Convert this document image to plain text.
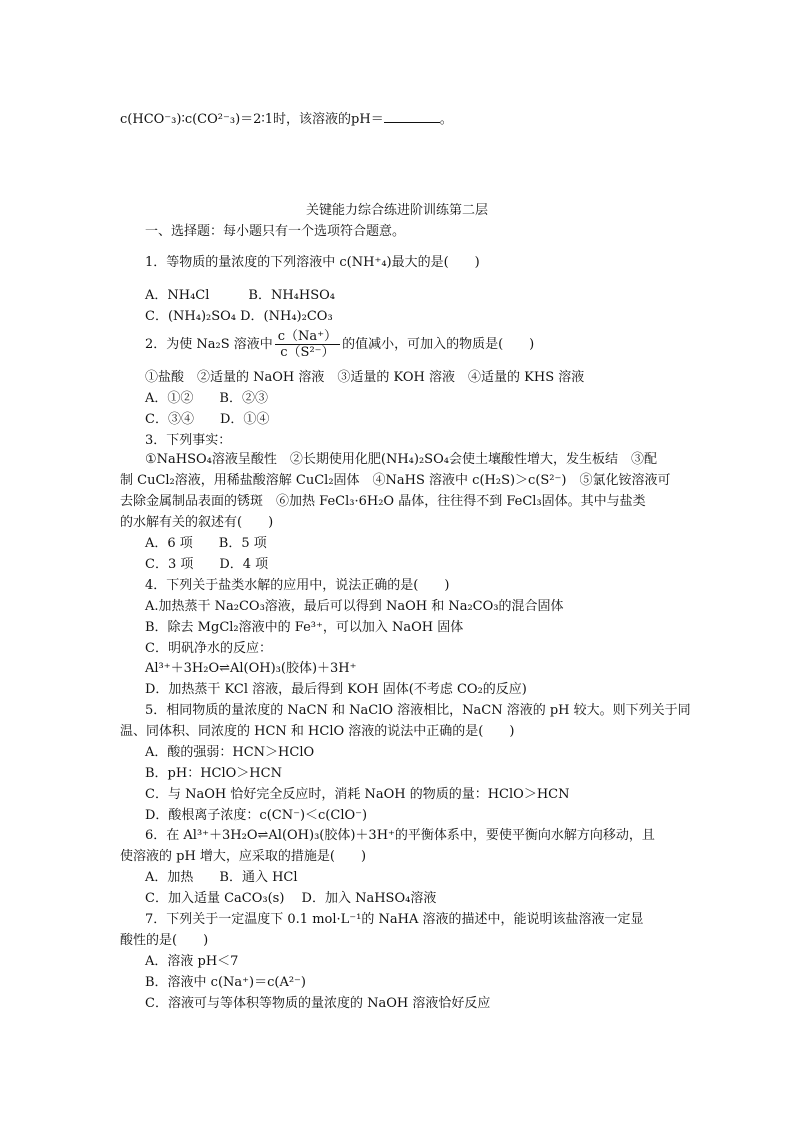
c(HCO⁻₃)∶c(CO²⁻₃)＝2∶1时，该溶液的pH＝	。
关键能力综合练进阶训练第二层
一、选择题：每小题只有一个选项符合题意。
1．等物质的量浓度的下列溶液中 c(NH⁺₄)最大的是(　　)
A．NH₄Cl　　　B．NH₄HSO₄
C．(NH₄)₂SO₄ D．(NH₄)₂CO₃
2．为使 Na₂S 溶液中 $\frac{c(Na^+)}{\text{c（S²⁻）}}$ 的值减小，可加入的物质是(　　)
①盐酸　②适量的 NaOH 溶液　③适量的 KOH 溶液　④适量的 KHS 溶液
A．①②　　B．②③
C．③④　　D．①④
3．下列事实：
①NaHSO₄溶液呈酸性　②长期使用化肥(NH₄)₂SO₄会使土壤酸性增大，发生板结　③配
制 CuCl₂溶液，用稀盐酸溶解 CuCl₂固体　④NaHS 溶液中 c(H₂S)＞c(S²⁻)　⑤氯化铵溶液可
去除金属制品表面的锈斑　⑥加热 FeCl₃·6H₂O 晶体，往往得不到 FeCl₃固体。其中与盐类
的水解有关的叙述有(　　)
A．6 项　　B．5 项
C．3 项　　D．4 项
4．下列关于盐类水解的应用中，说法正确的是(　　)
A.加热蒸干 Na₂CO₃溶液，最后可以得到 NaOH 和 Na₂CO₃的混合固体
B．除去 MgCl₂溶液中的 Fe³⁺，可以加入 NaOH 固体
C．明矾净水的反应：
Al³⁺＋3H₂O⇌Al(OH)₃(胶体)＋3H⁺
D．加热蒸干 KCl 溶液，最后得到 KOH 固体(不考虑 CO₂的反应)
5．相同物质的量浓度的 NaCN 和 NaClO 溶液相比，NaCN 溶液的 pH 较大。则下列关于同
温、同体积、同浓度的 HCN 和 HClO 溶液的说法中正确的是(　　)
A．酸的强弱：HCN＞HClO
B．pH：HClO＞HCN
C．与 NaOH 恰好完全反应时，消耗 NaOH 的物质的量：HClO＞HCN
D．酸根离子浓度：c(CN⁻)＜c(ClO⁻)
6．在 Al³⁺＋3H₂O⇌Al(OH)₃(胶体)＋3H⁺的平衡体系中，要使平衡向水解方向移动，且
使溶液的 pH 增大，应采取的措施是(　　)
A．加热　　B．通入 HCl
C．加入适量 CaCO₃(s)　 D．加入 NaHSO₄溶液
7．下列关于一定温度下 0.1 mol·L⁻¹的 NaHA 溶液的描述中，能说明该盐溶液一定显
酸性的是(　　)
A．溶液 pH＜7
B．溶液中 c(Na⁺)＝c(A²⁻)
C．溶液可与等体积等物质的量浓度的 NaOH 溶液恰好反应
